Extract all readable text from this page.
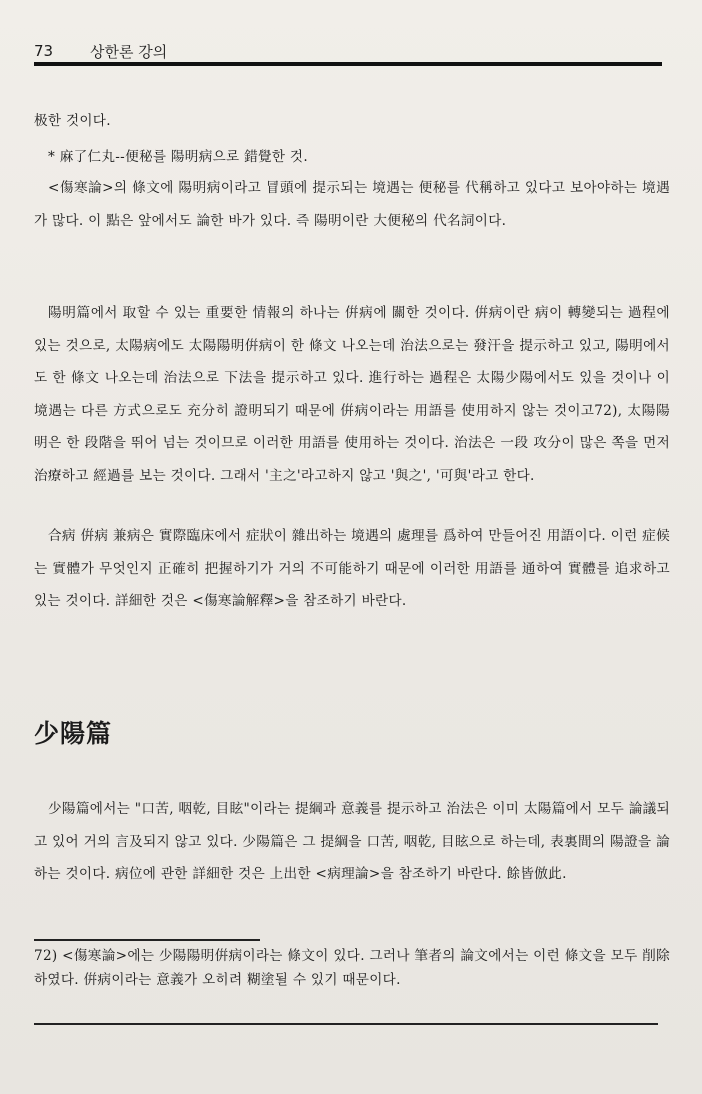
73 상한론 강의
极한 것이다.
* 麻了仁丸--便秘를 陽明病으로 錯覺한 것.
<傷寒論>의 條文에 陽明病이라고 冒頭에 提示되는 境遇는 便秘를 代稱하고 있다고 보아야하는 境遇가 많다. 이 點은 앞에서도 論한 바가 있다. 즉 陽明이란 大便秘의 代名詞이다.
陽明篇에서 取할 수 있는 重要한 情報의 하나는 倂病에 關한 것이다. 倂病이란 病이 轉變되는 過程에 있는 것으로, 太陽病에도 太陽陽明倂病이 한 條文 나오는데 治法으로는 發汗을 提示하고 있고, 陽明에서도 한 條文 나오는데 治法으로 下法을 提示하고 있다. 進行하는 過程은 太陽少陽에서도 있을 것이나 이 境遇는 다른 方式으로도 充分히 證明되기 때문에 倂病이라는 用語를 使用하지 않는 것이고72), 太陽陽明은 한 段階을 뛰어 넘는 것이므로 이러한 用語를 使用하는 것이다. 治法은 一段 攻分이 많은 쪽을 먼저 治療하고 經過를 보는 것이다. 그래서 '主之'라고하지 않고 '與之', '可與'라고 한다.
合病 倂病 兼病은 實際臨床에서 症狀이 雜出하는 境遇의 處理를 爲하여 만들어진 用語이다. 이런 症候는 實體가 무엇인지 正確히 把握하기가 거의 不可能하기 때문에 이러한 用語를 通하여 實體를 追求하고 있는 것이다. 詳細한 것은 <傷寒論解釋>을 참조하기 바란다.
少陽篇
少陽篇에서는 "口苦, 咽乾, 目眩"이라는 提綱과 意義를 提示하고 治法은 이미 太陽篇에서 모두 論議되고 있어 거의 言及되지 않고 있다. 少陽篇은 그 提綱을 口苦, 咽乾, 目眩으로 하는데, 表裏間의 陽證을 論하는 것이다. 病位에 관한 詳細한 것은 上出한 <病理論>을 참조하기 바란다. 餘皆倣此.
72) <傷寒論>에는 少陽陽明倂病이라는 條文이 있다. 그러나 筆者의 論文에서는 이런 條文을 모두 削除하였다. 倂病이라는 意義가 오히려 糊塗될 수 있기 때문이다.
